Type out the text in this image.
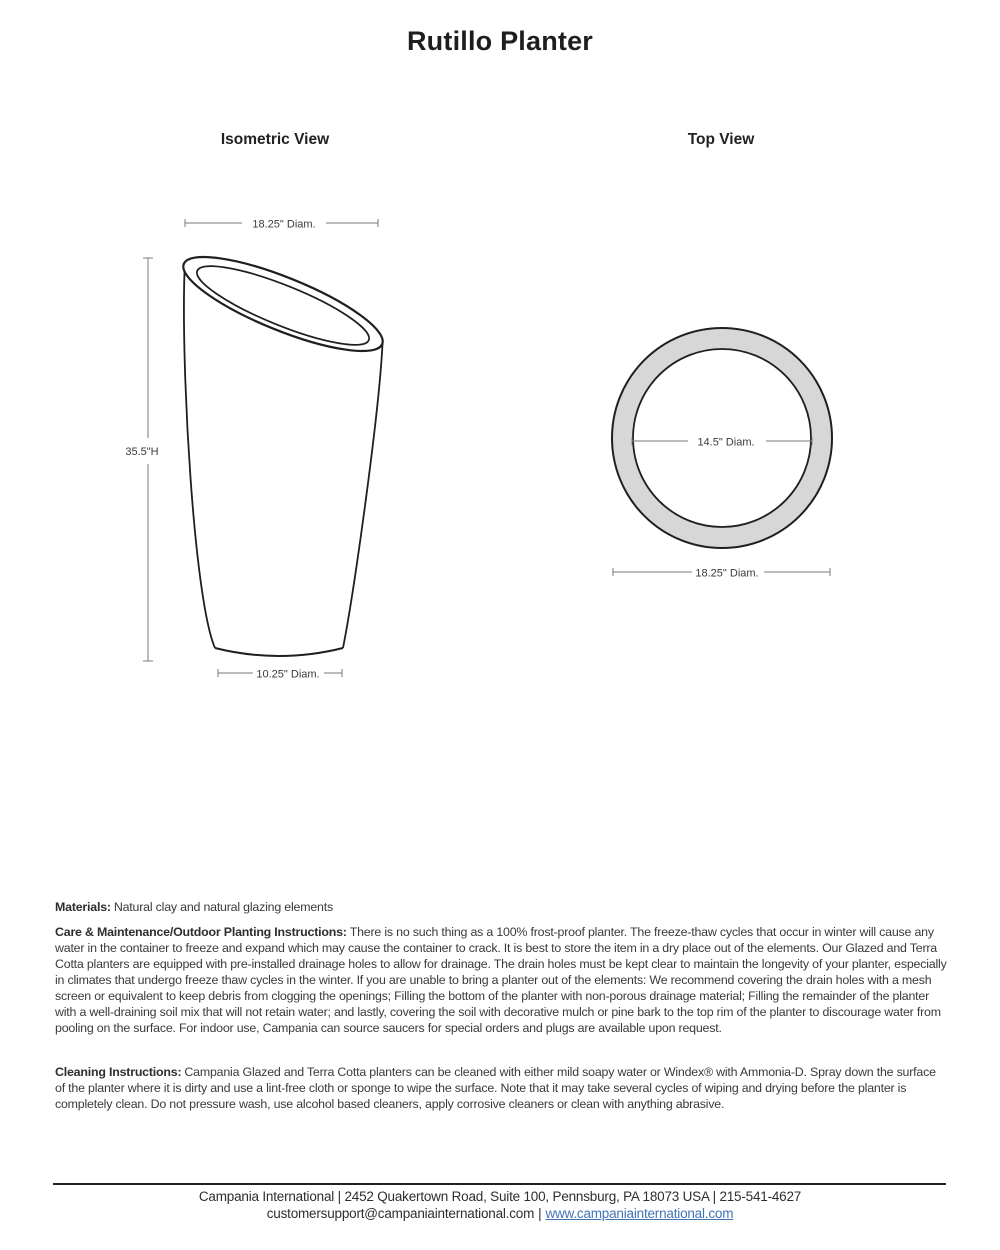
Rutillo Planter
Isometric View	Top View
18.25" Diam.
35.5"H
10.25" Diam.
14.5" Diam.
18.25" Diam.

Materials: Natural clay and natural glazing elements

Care & Maintenance/Outdoor Planting Instructions: There is no such thing as a 100% frost-proof planter. The freeze-thaw cycles that occur in winter will cause any water in the container to freeze and expand which may cause the container to crack. It is best to store the item in a dry place out of the elements. Our Glazed and Terra Cotta planters are equipped with pre-installed drainage holes to allow for drainage. The drain holes must be kept clear to maintain the longevity of your planter, especially in climates that undergo freeze thaw cycles in the winter. If you are unable to bring a planter out of the elements: We recommend covering the drain holes with a mesh screen or equivalent to keep debris from clogging the openings; Filling the bottom of the planter with non-porous drainage material; Filling the remainder of the planter with a well-draining soil mix that will not retain water; and lastly, covering the soil with decorative mulch or pine bark to the top rim of the planter to discourage water from pooling on the surface. For indoor use, Campania can source saucers for special orders and plugs are available upon request.

Cleaning Instructions: Campania Glazed and Terra Cotta planters can be cleaned with either mild soapy water or Windex® with Ammonia-D. Spray down the surface of the planter where it is dirty and use a lint-free cloth or sponge to wipe the surface. Note that it may take several cycles of wiping and drying before the planter is completely clean. Do not pressure wash, use alcohol based cleaners, apply corrosive cleaners or clean with anything abrasive.

Campania International | 2452 Quakertown Road, Suite 100, Pennsburg, PA 18073 USA | 215-541-4627
customersupport@campaniainternational.com | www.campaniainternational.com
